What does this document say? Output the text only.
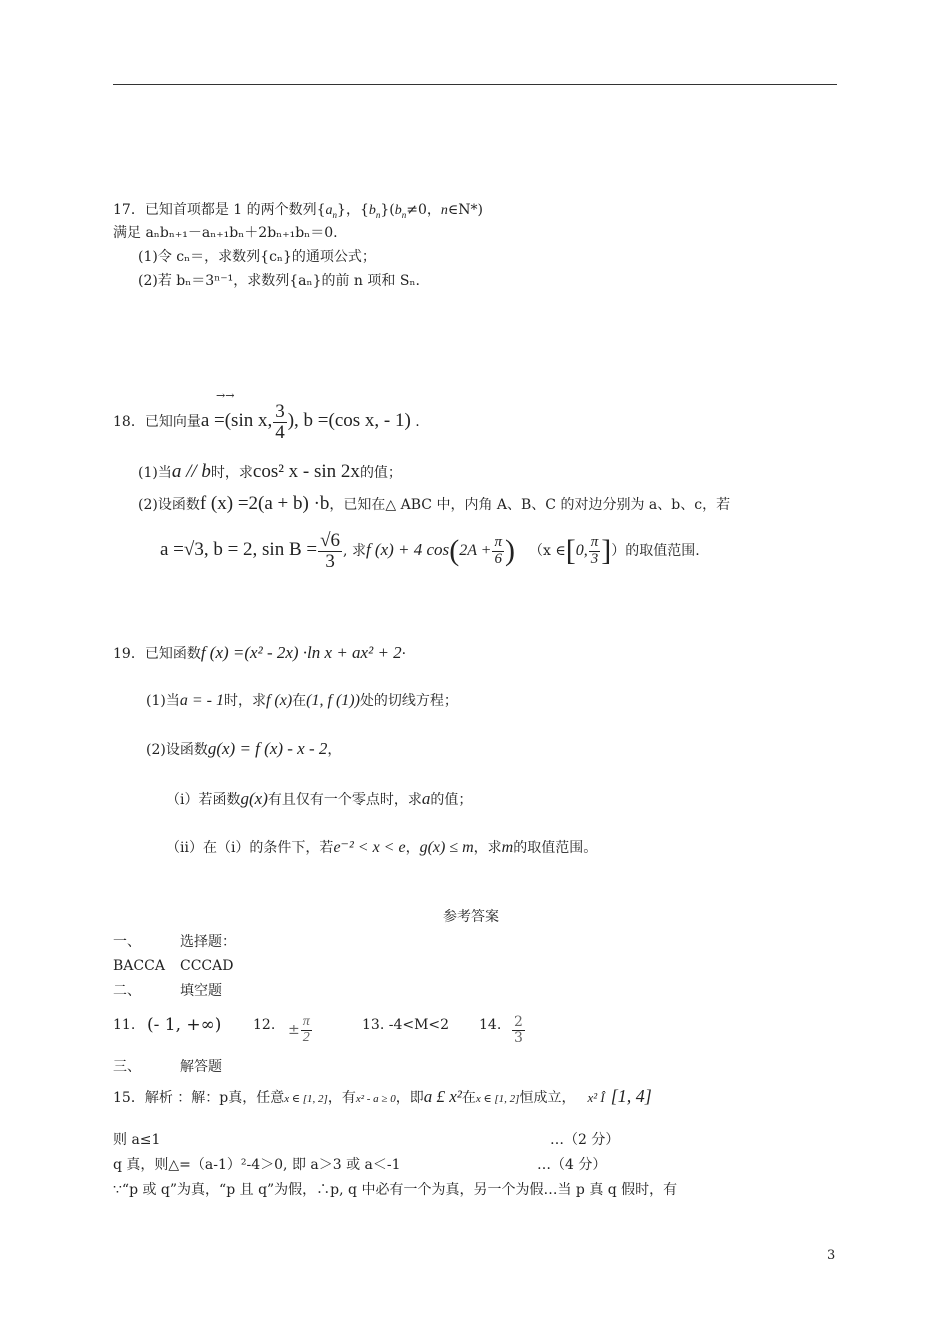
17．已知首项都是 1 的两个数列$\{a_n\}$，$\{b_n\}(b_n\ne 0$，n∈N*)
满足 aₙbₙ₊₁－aₙ₊₁bₙ＋2bₙ₊₁bₙ＝0.
(1)令 cₙ＝，求数列{cₙ}的通项公式；
(2)若 bₙ＝3ⁿ⁻¹，求数列{aₙ}的前 n 项和 Sₙ.
→→
18．已知向量a =(sin x, $\frac{3}{4}$ ), b =(cos x, - 1) .
(1)当a // b时，求cos² x - sin 2x的值；
(2)设函数f (x) =2(a + b) ·b，已知在△ ABC 中，内角 A、B、C 的对边分别为 a、b、c，若
a =√3, b = 2, $\sin B = \frac{√6}{3}$ , 求f (x) + 4 $\cos(2A + \frac{\pi}{6}$ ) （x ∈[0, $\frac{\pi}{3}$ ]）的取值范围.
19．已知函数f (x) =(x² - 2x) ·ln x + ax² + 2·
(1)当a = - 1时，求f (x)在(1, f (1))处的切线方程；
(2)设函数g(x) = f (x) - x - 2，
（ⅰ）若函数g(x)有且仅有一个零点时，求a的值；
（ⅱ）在（ⅰ）的条件下，若e⁻² < x < e，g(x) ≤ m，求m的取值范围。
参考答案
一、	选择题：
BACCA CCCAD
二、	填空题
11. (- 1, +∞) 12. ± $\frac{\pi}{2}$	13. -4<M<2 14. $\frac{2}{3}$
三、	解答题
15．解析 ：解：p真，任意x ∈ [1, 2]，有x² - a ≥ 0，即a £ x²在x ∈ [1, 2]恒成立， x² Î [1, 4]
则 a≤1	…（2 分）
q 真，则△=（a-1）²-4＞0, 即 a＞3 或 a＜-1	…（4 分）
∵“p 或 q”为真，“p 且 q”为假，∴p, q 中必有一个为真，另一个为假…当 p 真 q 假时，有
3
